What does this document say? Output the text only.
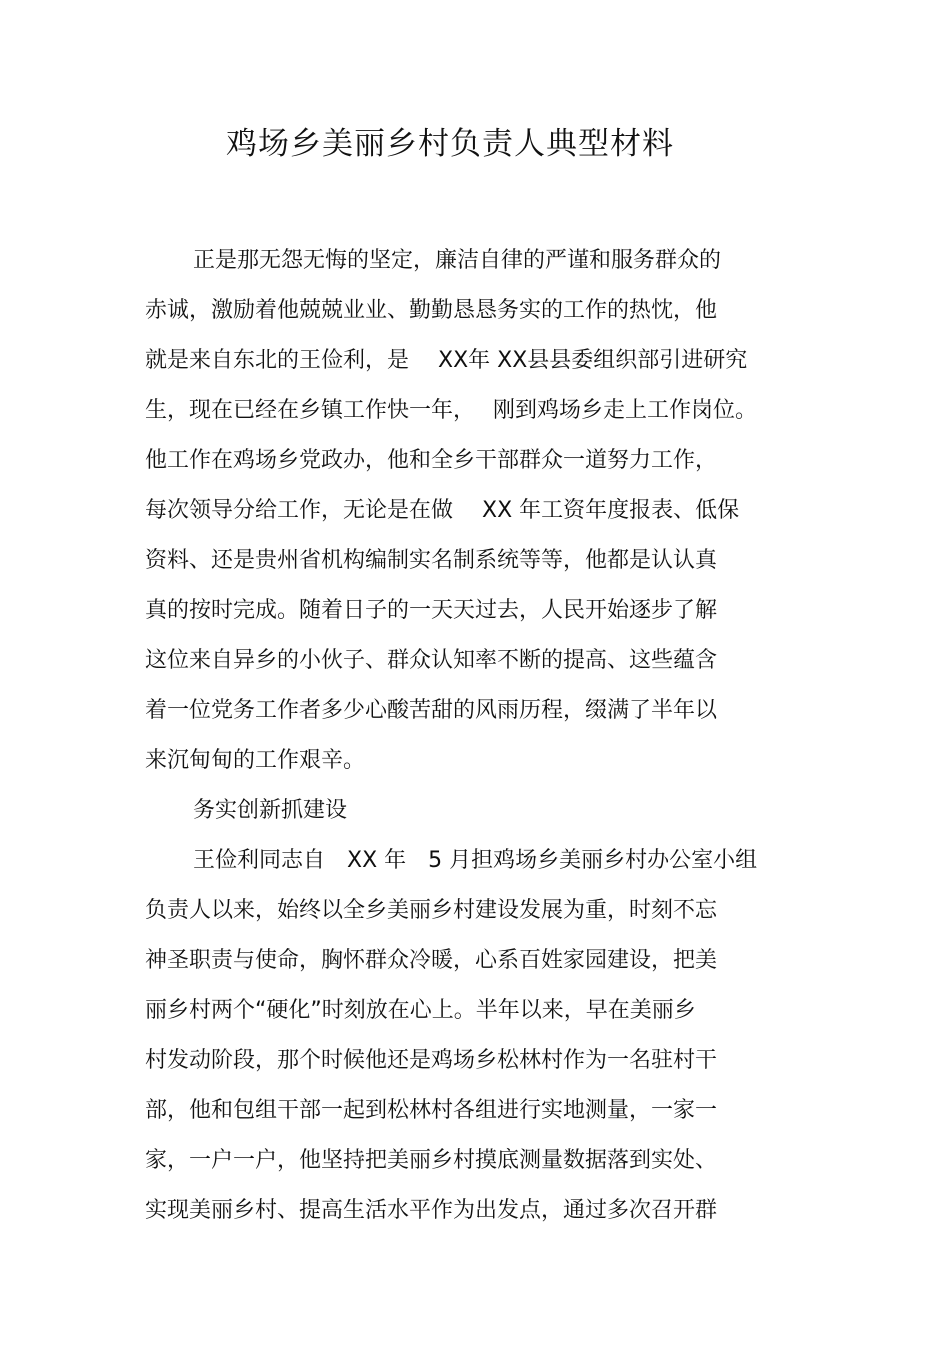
鸡场乡美丽乡村负责人典型材料
正是那无怨无悔的坚定，廉洁自律的严谨和服务群众的
赤诚，激励着他兢兢业业、勤勤恳恳务实的工作的热忱，他
就是来自东北的王俭利，是　 XX年 XX县县委组织部引进研究
生，现在已经在乡镇工作快一年，　 刚到鸡场乡走上工作岗位。
他工作在鸡场乡党政办，他和全乡干部群众一道努力工作，
每次领导分给工作，无论是在做　 XX 年工资年度报表、低保
资料、还是贵州省机构编制实名制系统等等，他都是认认真
真的按时完成。随着日子的一天天过去，人民开始逐步了解
这位来自异乡的小伙子、群众认知率不断的提高、这些蕴含
着一位党务工作者多少心酸苦甜的风雨历程，缀满了半年以
来沉甸甸的工作艰辛。
务实创新抓建设
王俭利同志自　XX 年　5 月担鸡场乡美丽乡村办公室小组
负责人以来，始终以全乡美丽乡村建设发展为重，时刻不忘
神圣职责与使命，胸怀群众冷暖，心系百姓家园建设，把美
丽乡村两个“硬化”时刻放在心上。半年以来，早在美丽乡
村发动阶段，那个时候他还是鸡场乡松林村作为一名驻村干
部，他和包组干部一起到松林村各组进行实地测量，一家一
家，一户一户，他坚持把美丽乡村摸底测量数据落到实处、
实现美丽乡村、提高生活水平作为出发点，通过多次召开群
